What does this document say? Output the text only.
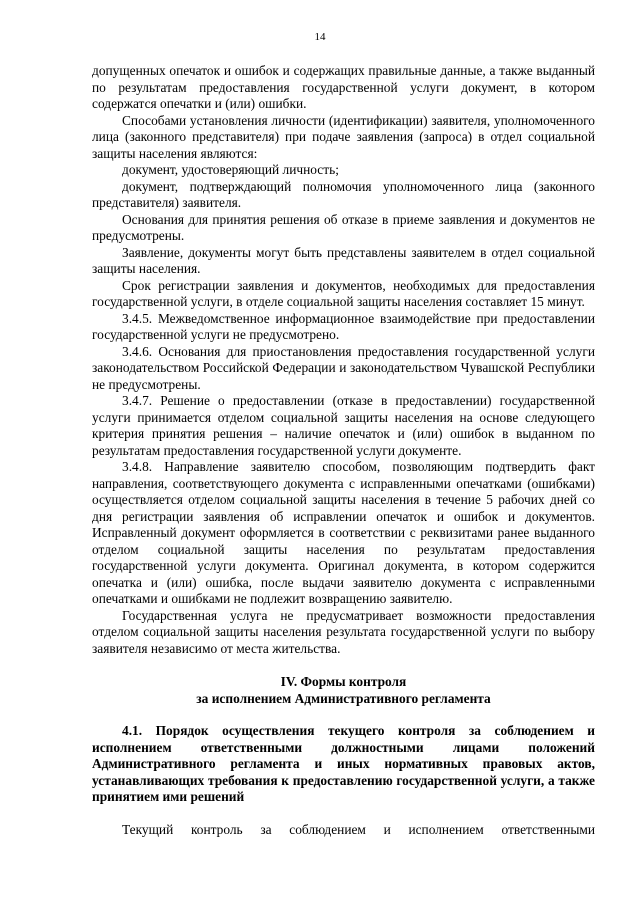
14

допущенных опечаток и ошибок и содержащих правильные данные, а также выданный по результатам предоставления государственной услуги документ, в котором содержатся опечатки и (или) ошибки.

Способами установления личности (идентификации) заявителя, уполномоченного лица (законного представителя) при подаче заявления (запроса) в отдел социальной защиты населения являются:

документ, удостоверяющий личность;

документ, подтверждающий полномочия уполномоченного лица (законного представителя) заявителя.

Основания для принятия решения об отказе в приеме заявления и документов не предусмотрены.

Заявление, документы могут быть представлены заявителем в отдел социальной защиты населения.

Срок регистрации заявления и документов, необходимых для предоставления государственной услуги, в отделе социальной защиты населения составляет 15 минут.

3.4.5. Межведомственное информационное взаимодействие при предоставлении государственной услуги не предусмотрено.

3.4.6. Основания для приостановления предоставления государственной услуги законодательством Российской Федерации и законодательством Чувашской Республики не предусмотрены.

3.4.7. Решение о предоставлении (отказе в предоставлении) государственной услуги принимается отделом социальной защиты населения на основе следующего критерия принятия решения – наличие опечаток и (или) ошибок в выданном по результатам предоставления государственной услуги документе.

3.4.8. Направление заявителю способом, позволяющим подтвердить факт направления, соответствующего документа с исправленными опечатками (ошибками) осуществляется отделом социальной защиты населения в течение 5 рабочих дней со дня регистрации заявления об исправлении опечаток и ошибок и документов. Исправленный документ оформляется в соответствии с реквизитами ранее выданного отделом социальной защиты населения по результатам предоставления государственной услуги документа. Оригинал документа, в котором содержится опечатка и (или) ошибка, после выдачи заявителю документа с исправленными опечатками и ошибками не подлежит возвращению заявителю.

Государственная услуга не предусматривает возможности предоставления отделом социальной защиты населения результата государственной услуги по выбору заявителя независимо от места жительства.

IV. Формы контроля

за исполнением Административного регламента

4.1. Порядок осуществления текущего контроля за соблюдением и исполнением ответственными должностными лицами положений Административного регламента и иных нормативных правовых актов, устанавливающих требования к предоставлению государственной услуги, а также принятием ими решений

Текущий контроль за соблюдением и исполнением ответственными
